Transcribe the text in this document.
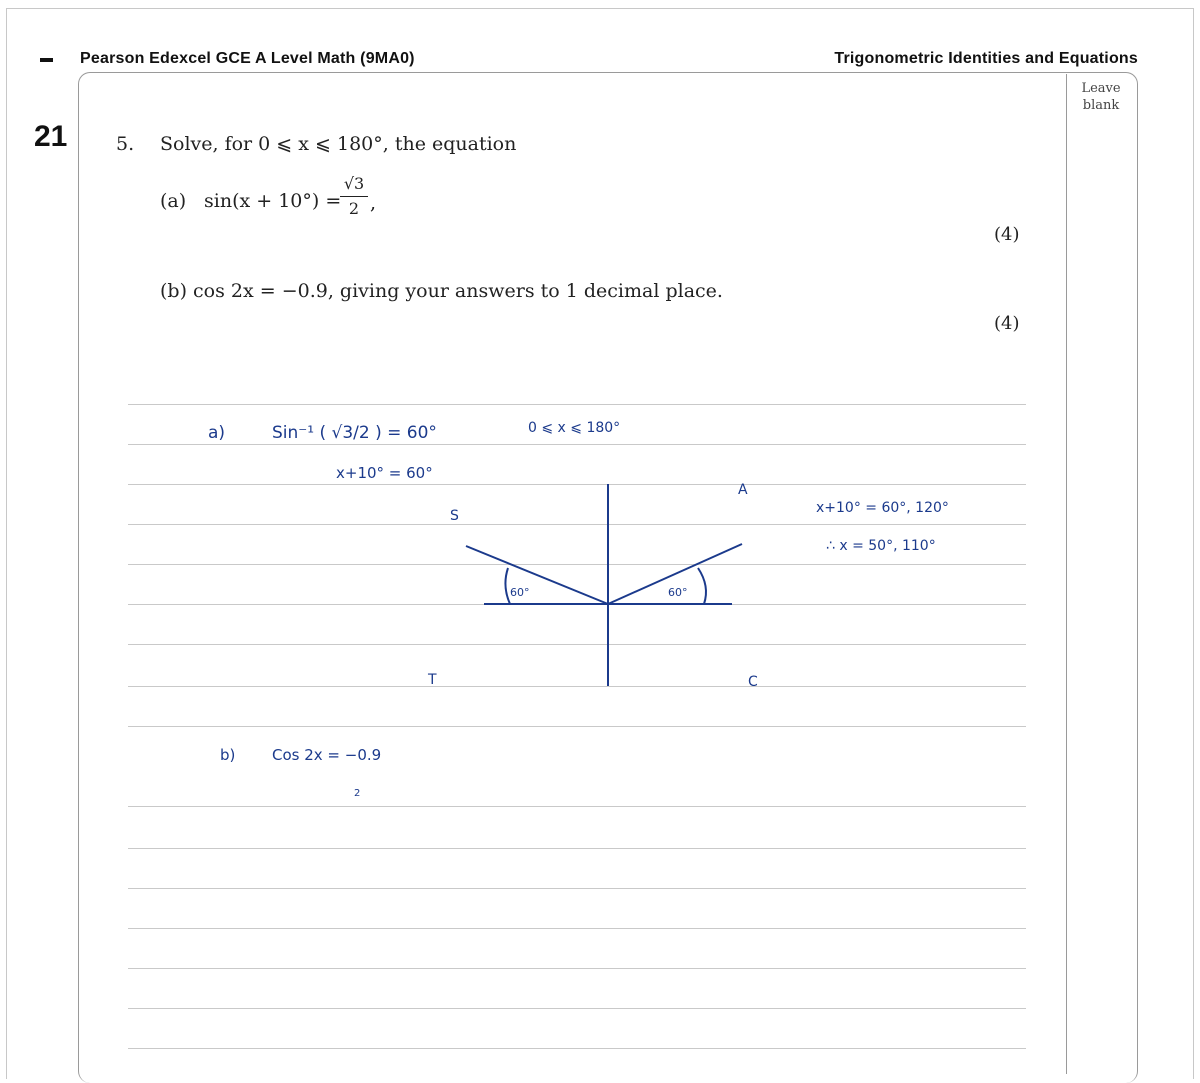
Pearson Edexcel GCE A Level Math (9MA0)	Trigonometric Identities and Equations
Leave blank
21	5. Solve, for 0 ⩽ x ⩽ 180°, the equation
(a) sin(x + 10°) =
√3
2 ,
(4)
(b) cos 2x = −0.9, giving your answers to 1 decimal place.
(4)
a)	Sin⁻¹ ( √3/2 ) = 60°	0 ⩽ x ⩽ 180°
x+10° = 60°
S
A
T	C
60°	60°
x+10° = 60°, 120°
∴ x = 50°, 110°
b) Cos 2x = −0.9
2
